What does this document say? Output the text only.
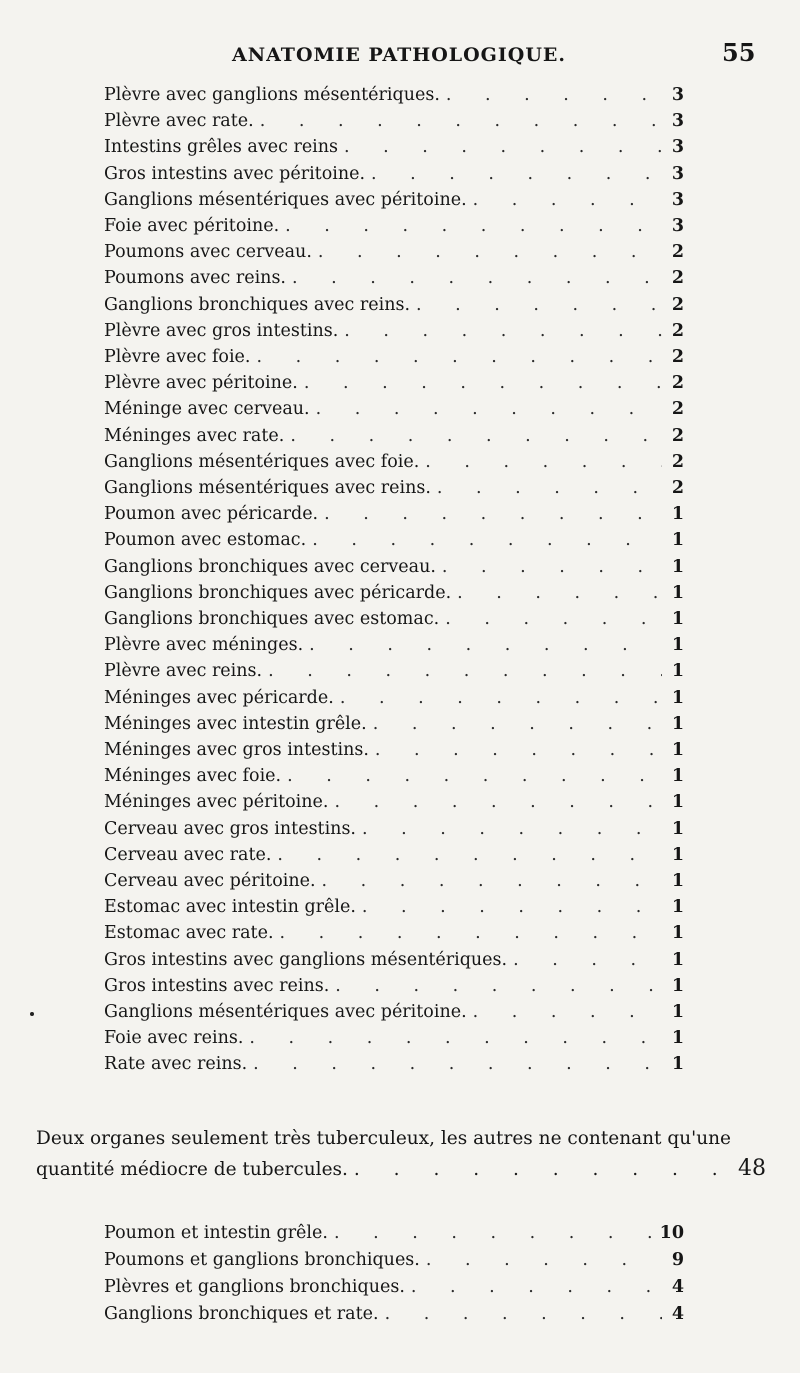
ANATOMIE PATHOLOGIQUE.	55
Plèvre avec ganglions mésentériques. . . .	3
Plèvre avec rate. . . .	3
Intestins grêles avec reins . . .	3
Gros intestins avec péritoine. . . .	3
Ganglions mésentériques avec péritoine. . . .	3
Foie avec péritoine. . . .	3
Poumons avec cerveau. . . .	2
Poumons avec reins. . . .	2
Ganglions bronchiques avec reins. . . .	2
Plèvre avec gros intestins. . . .	2
Plèvre avec foie. . . .	2
Plèvre avec péritoine. . . .	2
Méninge avec cerveau. . . .	2
Méninges avec rate. . . .	2
Ganglions mésentériques avec foie. . . .	2
Ganglions mésentériques avec reins. . . .	2
Poumon avec péricarde. . . .	1
Poumon avec estomac. . . .	1
Ganglions bronchiques avec cerveau. . . .	1
Ganglions bronchiques avec péricarde. . . .	1
Ganglions bronchiques avec estomac. . . .	1
Plèvre avec méninges. . . .	1
Plèvre avec reins. . . .	1
Méninges avec péricarde. . . .	1
Méninges avec intestin grêle. . . .	1
Méninges avec gros intestins. . . .	1
Méninges avec foie. . . .	1
Méninges avec péritoine. . . .	1
Cerveau avec gros intestins. . . .	1
Cerveau avec rate. . . .	1
Cerveau avec péritoine. . . .	1
Estomac avec intestin grêle. . . .	1
Estomac avec rate. . . .	1
Gros intestins avec ganglions mésentériques. . . .	1
Gros intestins avec reins. . . .	1
Ganglions mésentériques avec péritoine. . . .	1
Foie avec reins. . . .	1
Rate avec reins. . . .	1
Deux organes seulement très tuberculeux, les autres ne contenant qu'une
quantité médiocre de tubercules. . . .	48
Poumon et intestin grêle. . . .	10
Poumons et ganglions bronchiques. . . .	9
Plèvres et ganglions bronchiques. . . .	4
Ganglions bronchiques et rate. . . .	4
